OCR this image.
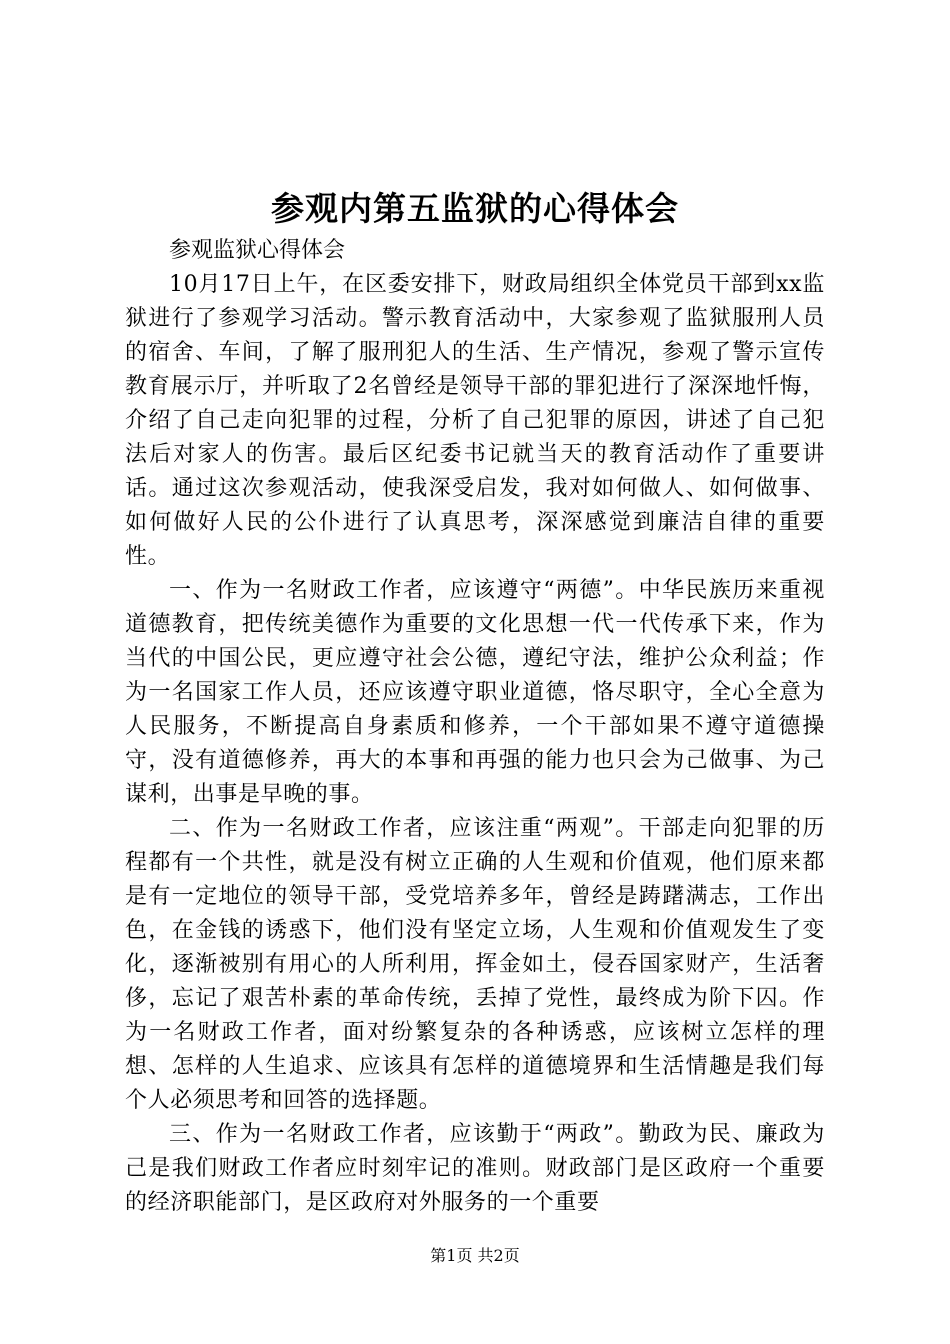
参观内第五监狱的心得体会

参观监狱心得体会

10月17日上午，在区委安排下，财政局组织全体党员干部到xx监狱进行了参观学习活动。警示教育活动中，大家参观了监狱服刑人员的宿舍、车间，了解了服刑犯人的生活、生产情况，参观了警示宣传教育展示厅，并听取了2名曾经是领导干部的罪犯进行了深深地忏悔，介绍了自己走向犯罪的过程，分析了自己犯罪的原因，讲述了自己犯法后对家人的伤害。最后区纪委书记就当天的教育活动作了重要讲话。通过这次参观活动，使我深受启发，我对如何做人、如何做事、如何做好人民的公仆进行了认真思考，深深感觉到廉洁自律的重要性。

一、作为一名财政工作者，应该遵守“两德”。中华民族历来重视道德教育，把传统美德作为重要的文化思想一代一代传承下来，作为当代的中国公民，更应遵守社会公德，遵纪守法，维护公众利益；作为一名国家工作人员，还应该遵守职业道德，恪尽职守，全心全意为人民服务，不断提高自身素质和修养，一个干部如果不遵守道德操守，没有道德修养，再大的本事和再强的能力也只会为己做事、为己谋利，出事是早晚的事。

二、作为一名财政工作者，应该注重“两观”。干部走向犯罪的历程都有一个共性，就是没有树立正确的人生观和价值观，他们原来都是有一定地位的领导干部，受党培养多年，曾经是踌躇满志，工作出色，在金钱的诱惑下，他们没有坚定立场，人生观和价值观发生了变化，逐渐被别有用心的人所利用，挥金如土，侵吞国家财产，生活奢侈，忘记了艰苦朴素的革命传统，丢掉了党性，最终成为阶下囚。作为一名财政工作者，面对纷繁复杂的各种诱惑，应该树立怎样的理想、怎样的人生追求、应该具有怎样的道德境界和生活情趣是我们每个人必须思考和回答的选择题。

三、作为一名财政工作者，应该勤于“两政”。勤政为民、廉政为己是我们财政工作者应时刻牢记的准则。财政部门是区政府一个重要的经济职能部门，是区政府对外服务的一个重要

第1页 共2页
